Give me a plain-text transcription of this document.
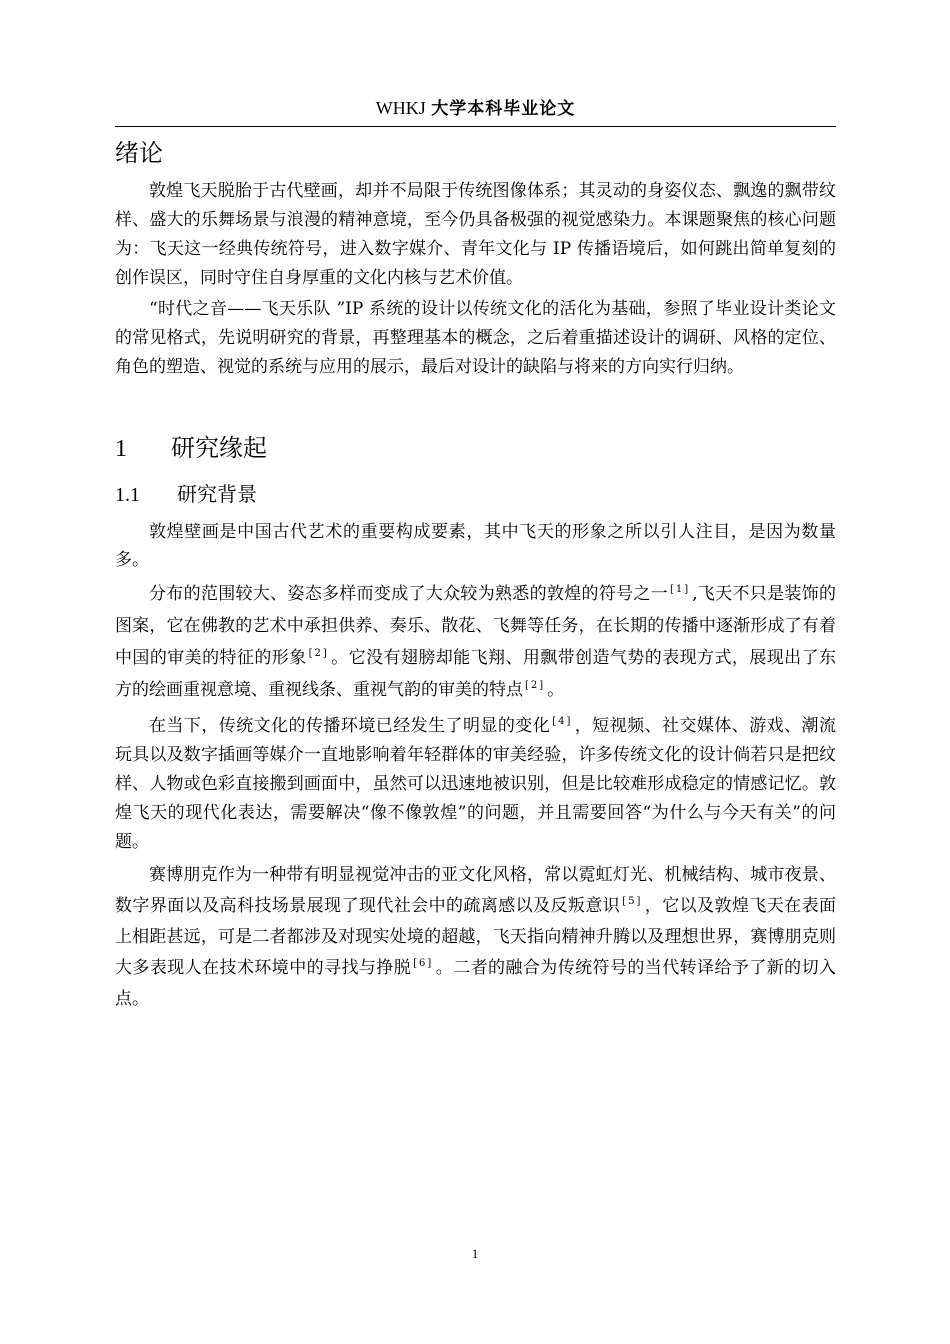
WHKJ 大学本科毕业论文
绪论

敦煌飞天脱胎于古代壁画，却并不局限于传统图像体系；其灵动的身姿仪态、飘逸的飘带纹样、盛大的乐舞场景与浪漫的精神意境，至今仍具备极强的视觉感染力。本课题聚焦的核心问题为：飞天这一经典传统符号，进入数字媒介、青年文化与 IP 传播语境后，如何跳出简单复刻的创作误区，同时守住自身厚重的文化内核与艺术价值。

“时代之音——飞天乐队 ”IP 系统的设计以传统文化的活化为基础，参照了毕业设计类论文的常见格式，先说明研究的背景，再整理基本的概念，之后着重描述设计的调研、风格的定位、角色的塑造、视觉的系统与应用的展示，最后对设计的缺陷与将来的方向实行归纳。

1 研究缘起
1.1 研究背景

敦煌壁画是中国古代艺术的重要构成要素，其中飞天的形象之所以引人注目，是因为数量多。

分布的范围较大、姿态多样而变成了大众较为熟悉的敦煌的符号之一 [1] ,飞天不只是装饰的图案，它在佛教的艺术中承担供养、奏乐、散花、飞舞等任务，在长期的传播中逐渐形成了有着中国的审美的特征的形象 [2] 。它没有翅膀却能飞翔、用飘带创造气势的表现方式，展现出了东方的绘画重视意境、重视线条、重视气韵的审美的特点 [2] 。

在当下，传统文化的传播环境已经发生了明显的变化 [4] ，短视频、社交媒体、游戏、潮流玩具以及数字插画等媒介一直地影响着年轻群体的审美经验，许多传统文化的设计倘若只是把纹样、人物或色彩直接搬到画面中，虽然可以迅速地被识别，但是比较难形成稳定的情感记忆。敦煌飞天的现代化表达，需要解决“像不像敦煌”的问题，并且需要回答“为什么与今天有关”的问题。

赛博朋克作为一种带有明显视觉冲击的亚文化风格，常以霓虹灯光、机械结构、城市夜景、数字界面以及高科技场景展现了现代社会中的疏离感以及反叛意识 [5] ，它以及敦煌飞天在表面上相距甚远，可是二者都涉及对现实处境的超越，飞天指向精神升腾以及理想世界，赛博朋克则大多表现人在技术环境中的寻找与挣脱 [6] 。二者的融合为传统符号的当代转译给予了新的切入点。

1
